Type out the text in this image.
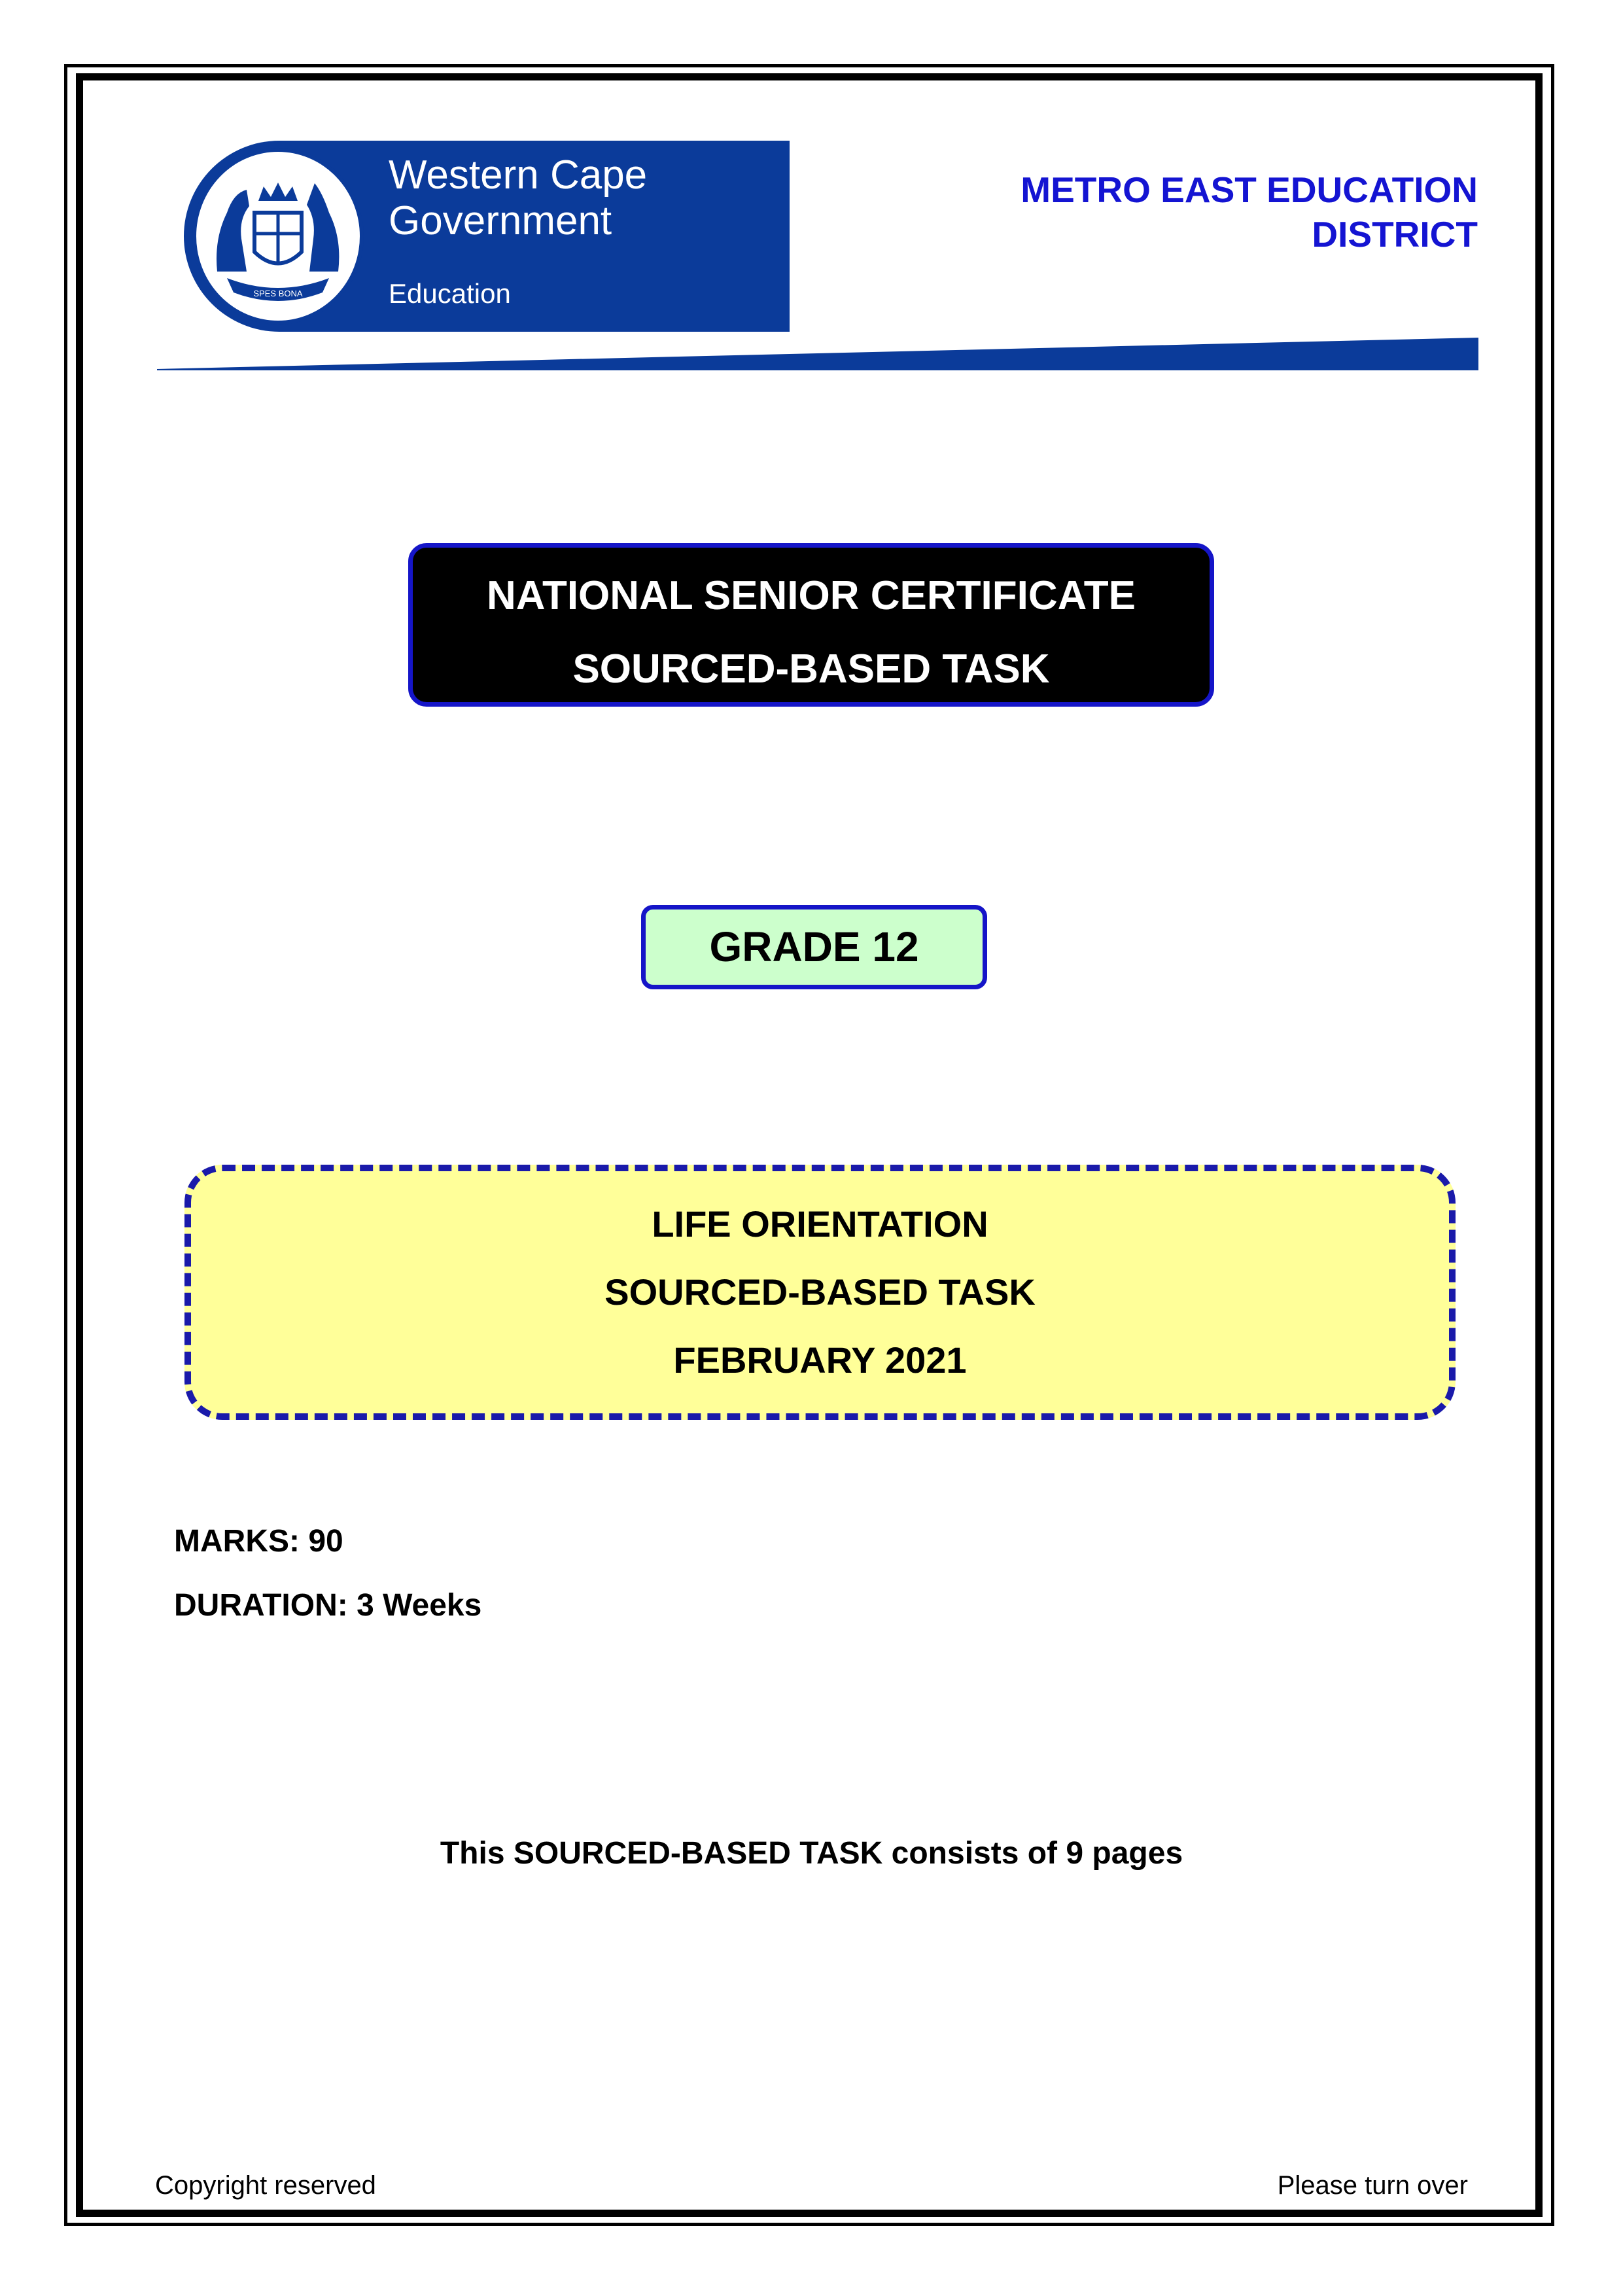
SPES BONA
Western Cape
Government
Education
METRO EAST EDUCATION
DISTRICT
NATIONAL SENIOR CERTIFICATE
SOURCED-BASED TASK
GRADE 12
LIFE ORIENTATION
SOURCED-BASED TASK
FEBRUARY 2021
MARKS: 90
DURATION: 3 Weeks
This SOURCED-BASED TASK consists of 9 pages
Copyright reserved	Please turn over
